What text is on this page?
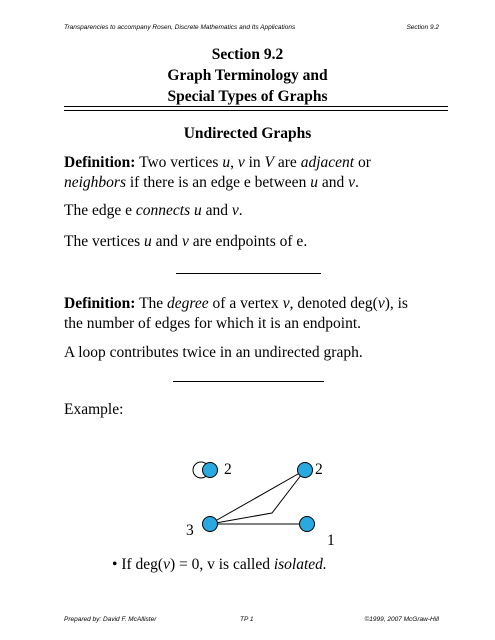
Transparencies to accompany Rosen, Discrete Mathematics and Its Applications	Section 9.2
Section 9.2
Graph Terminology and
Special Types of Graphs
Undirected Graphs
Definition: Two vertices u, v in V are adjacent or
neighbors if there is an edge e between u and v.
The edge e connects u and v.
The vertices u and v are endpoints of e.
Definition: The degree of a vertex v, denoted deg(v), is
the number of edges for which it is an endpoint.
A loop contributes twice in an undirected graph.
Example:
2	2
3
1
• If deg(v) = 0, v is called isolated.
Prepared by: David F. McAllister	TP 1	©1999, 2007 McGraw-Hill
